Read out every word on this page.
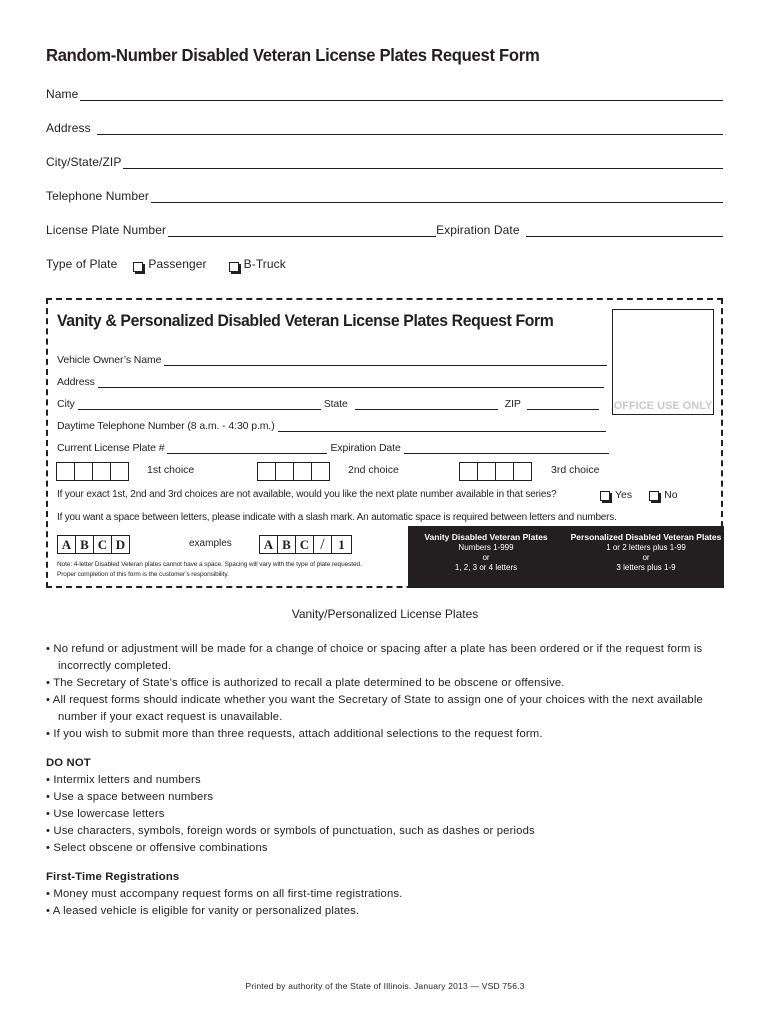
Random-Number Disabled Veteran License Plates Request Form
Name
Address
City/State/ZIP
Telephone Number
License Plate Number	Expiration Date
Type of Plate	Passenger	B-Truck
Vanity & Personalized Disabled Veteran License Plates Request Form
OFFICE USE ONLY
Vehicle Owner’s Name
Address
City	State	ZIP
Daytime Telephone Number (8 a.m. - 4:30 p.m.)
Current License Plate #	Expiration Date
1st choice	2nd choice	3rd choice
If your exact 1st, 2nd and 3rd choices are not available, would you like the next plate number available in that series?	Yes	No
If you want a space between letters, please indicate with a slash mark. An automatic space is required between letters and numbers.
A B C D	examples	A B C /	1
Note: 4-letter Disabled Veteran plates cannot have a space. Spacing will vary with the type of plate requested.
Proper completion of this form is the customer’s responsibility.
Vanity Disabled Veteran Plates
Numbers 1-999
or
1, 2, 3 or 4 letters
Personalized Disabled Veteran Plates
1 or 2 letters plus 1-99
or
3 letters plus 1-9
Vanity/Personalized License Plates
• No refund or adjustment will be made for a change of choice or spacing after a plate has been ordered or if the request form is incorrectly completed.
• The Secretary of State’s office is authorized to recall a plate determined to be obscene or offensive.
• All request forms should indicate whether you want the Secretary of State to assign one of your choices with the next available number if your exact request is unavailable.
• If you wish to submit more than three requests, attach additional selections to the request form.
DO NOT
• Intermix letters and numbers
• Use a space between numbers
• Use lowercase letters
• Use characters, symbols, foreign words or symbols of punctuation, such as dashes or periods
• Select obscene or offensive combinations
First-Time Registrations
• Money must accompany request forms on all first-time registrations.
• A leased vehicle is eligible for vanity or personalized plates.
Printed by authority of the State of Illinois. January 2013 — VSD 756.3
